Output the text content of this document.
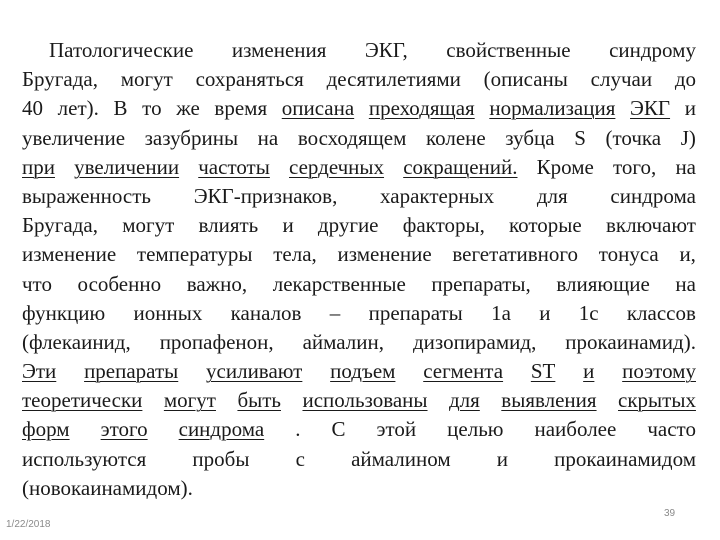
Патологические изменения ЭКГ, свойственные синдрому
Бругада, могут сохраняться десятилетиями (описаны случаи до
40 лет). В то же время описана преходящая нормализация ЭКГ и
увеличение зазубрины на восходящем колене зубца S (точка J)
при увеличении частоты сердечных сокращений. Кроме того, на
выраженность ЭКГ-признаков, характерных для синдрома
Бругада, могут влиять и другие факторы, которые включают
изменение температуры тела, изменение вегетативного тонуса и,
что особенно важно, лекарственные препараты, влияющие на
функцию ионных каналов – препараты 1а и 1с классов
(флекаинид, пропафенон, аймалин, дизопирамид, прокаинамид).
Эти препараты усиливают подъем сегмента ST и поэтому
теоретически могут быть использованы для выявления скрытых
форм этого синдрома . С этой целью наиболее часто
используются пробы с аймалином и прокаинамидом
(новокаинамидом).
1/22/2018
39
